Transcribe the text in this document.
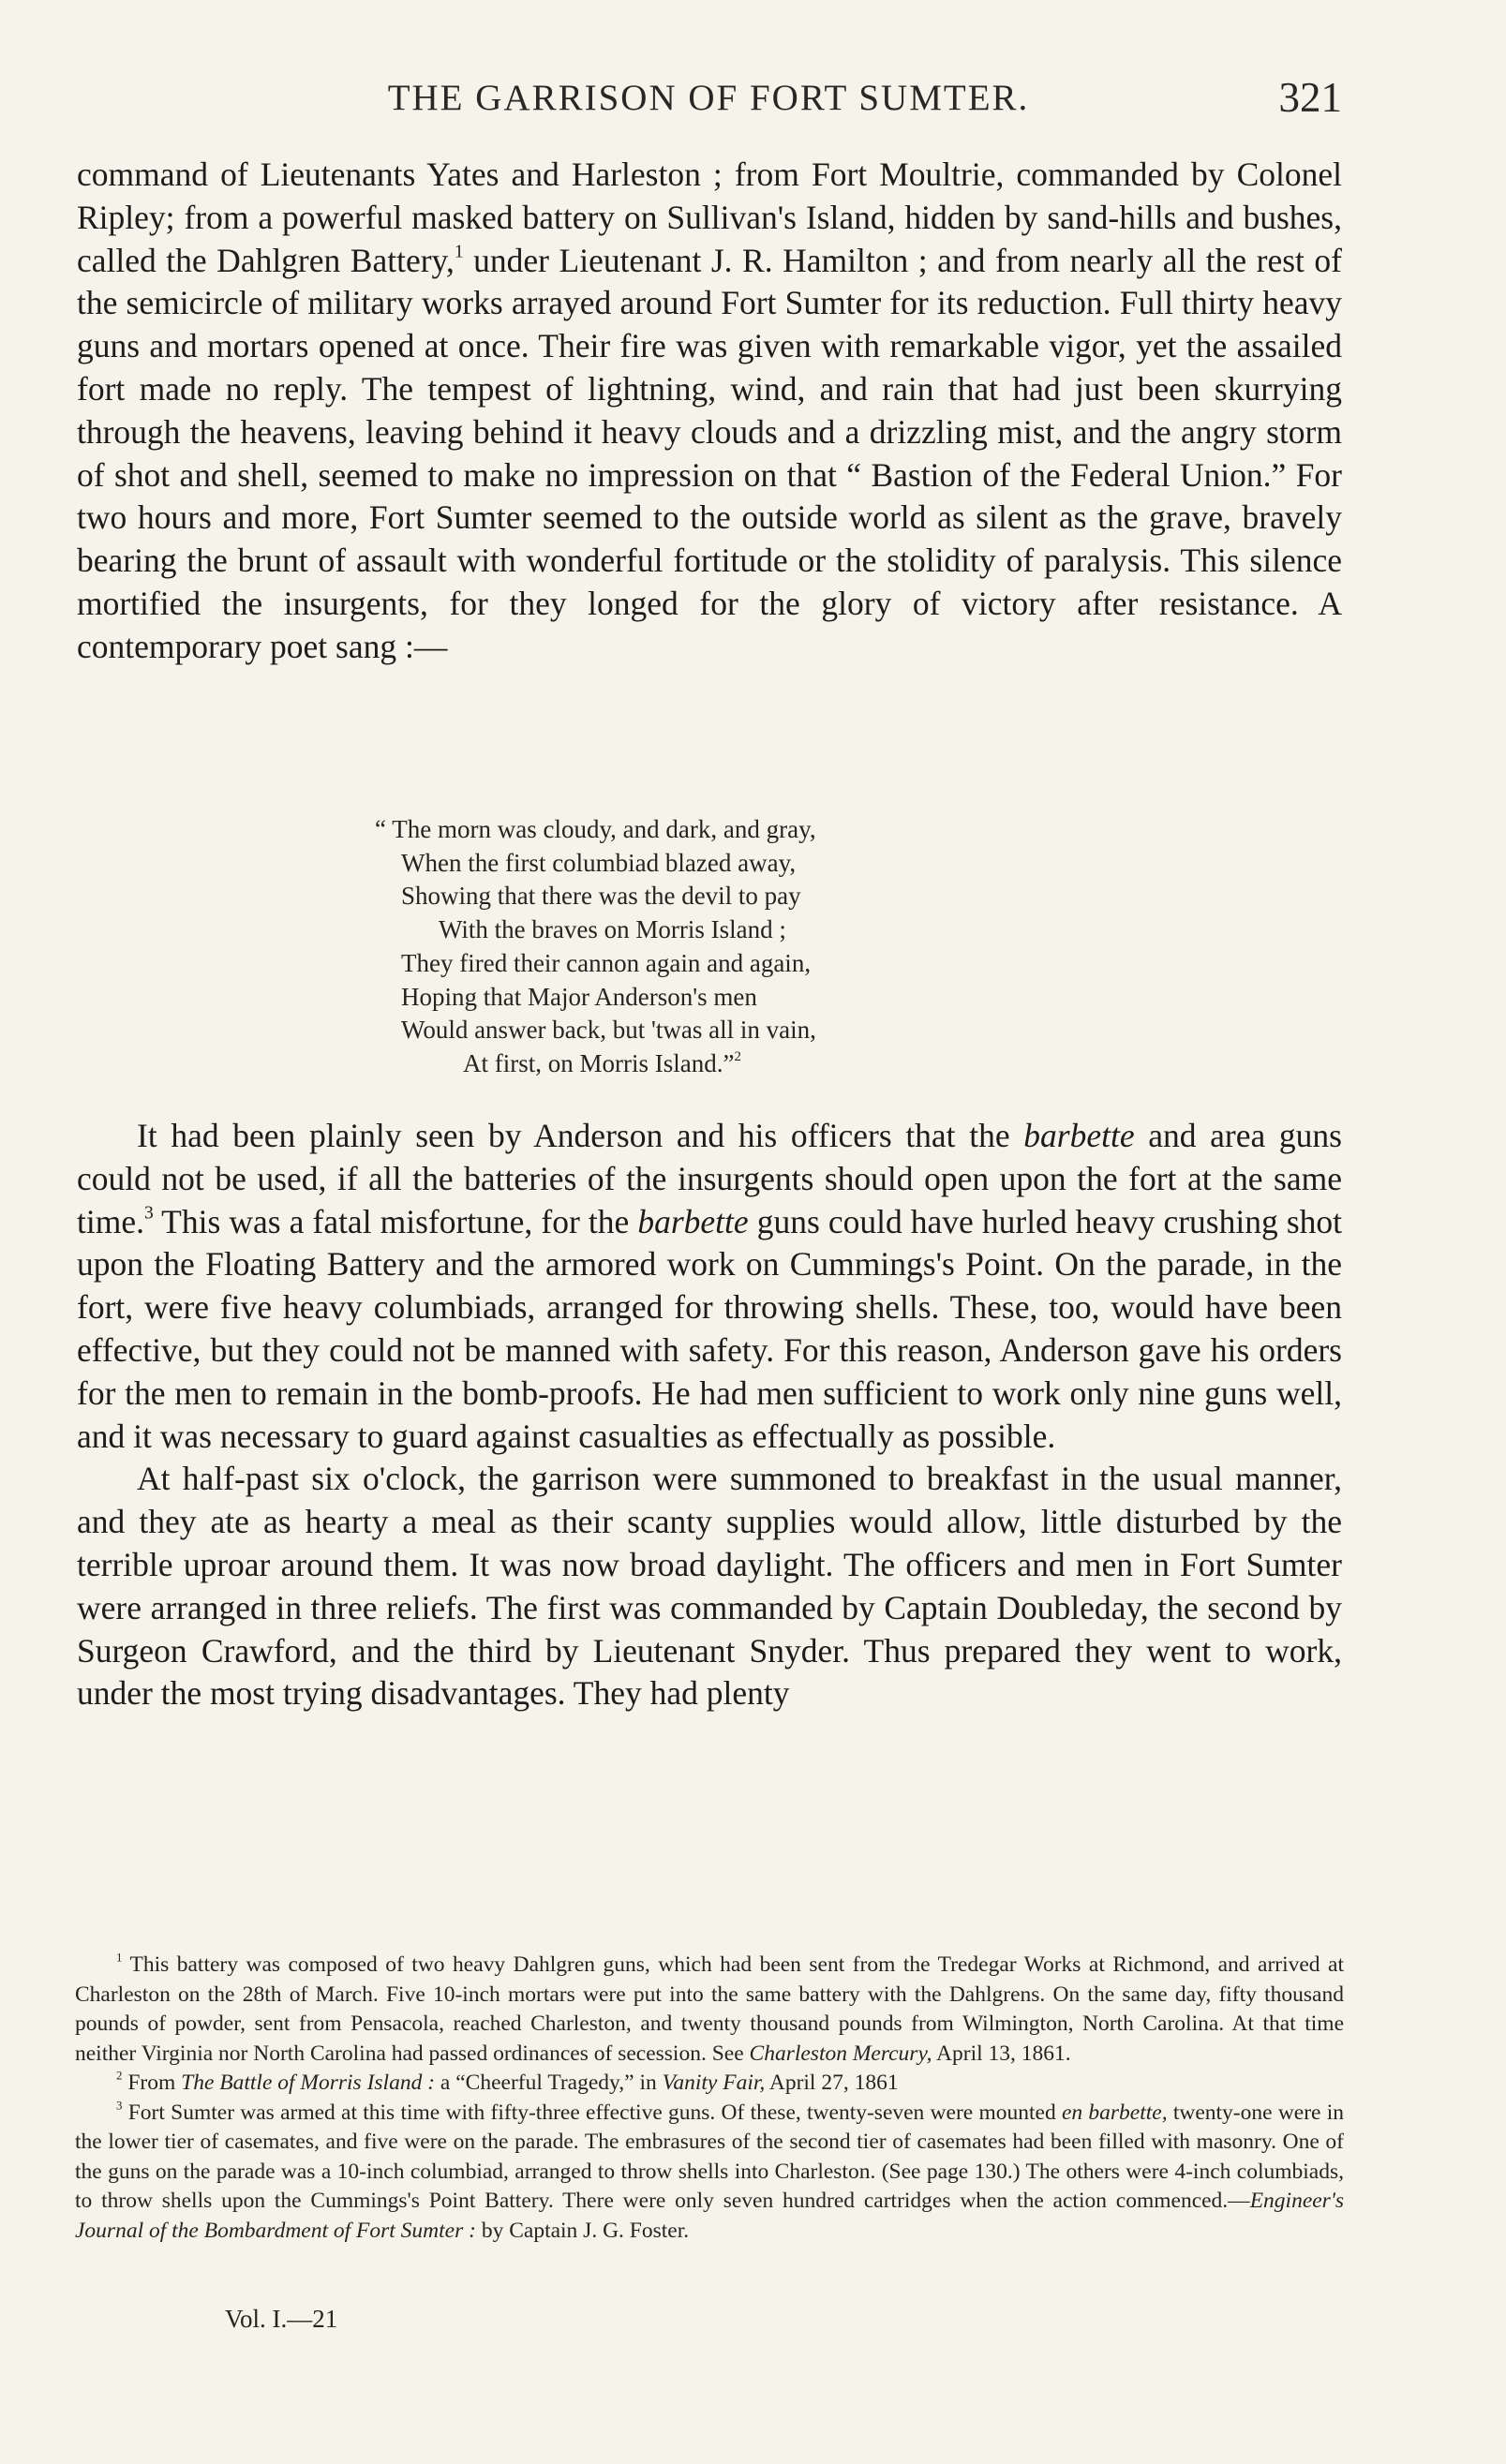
THE GARRISON OF FORT SUMTER.	321

command of Lieutenants Yates and Harleston ; from Fort Moultrie, commanded by Colonel Ripley; from a powerful masked battery on Sullivan's Island, hidden by sand-hills and bushes, called the Dahlgren Battery,$^1$ under Lieutenant J. R. Hamilton ; and from nearly all the rest of the semicircle of military works arrayed around Fort Sumter for its reduction. Full thirty heavy guns and mortars opened at once. Their fire was given with remarkable vigor, yet the assailed fort made no reply. The tempest of lightning, wind, and rain that had just been skurrying through the heavens, leaving behind it heavy clouds and a drizzling mist, and the angry storm of shot and shell, seemed to make no impression on that “ Bastion of the Federal Union.” For two hours and more, Fort Sumter seemed to the outside world as silent as the grave, bravely bearing the brunt of assault with wonderful fortitude or the stolidity of paralysis. This silence mortified the insurgents, for they longed for the glory of victory after resistance. A contemporary poet sang :—

“ The morn was cloudy, and dark, and gray,
When the first columbiad blazed away,
Showing that there was the devil to pay
With the braves on Morris Island ;
They fired their cannon again and again,
Hoping that Major Anderson's men
Would answer back, but 'twas all in vain,
At first, on Morris Island.”$^2$

It had been plainly seen by Anderson and his officers that the barbette and area guns could not be used, if all the batteries of the insurgents should open upon the fort at the same time.$^3$ This was a fatal misfortune, for the barbette guns could have hurled heavy crushing shot upon the Floating Battery and the armored work on Cummings's Point. On the parade, in the fort, were five heavy columbiads, arranged for throwing shells. These, too, would have been effective, but they could not be manned with safety. For this reason, Anderson gave his orders for the men to remain in the bomb-proofs. He had men sufficient to work only nine guns well, and it was necessary to guard against casualties as effectually as possible.

At half-past six o'clock, the garrison were summoned to breakfast in the usual manner, and they ate as hearty a meal as their scanty supplies would allow, little disturbed by the terrible uproar around them. It was now broad daylight. The officers and men in Fort Sumter were arranged in three reliefs. The first was commanded by Captain Doubleday, the second by Surgeon Crawford, and the third by Lieutenant Snyder. Thus prepared they went to work, under the most trying disadvantages. They had plenty

$^1$ This battery was composed of two heavy Dahlgren guns, which had been sent from the Tredegar Works at Richmond, and arrived at Charleston on the 28th of March. Five 10-inch mortars were put into the same battery with the Dahlgrens. On the same day, fifty thousand pounds of powder, sent from Pensacola, reached Charleston, and twenty thousand pounds from Wilmington, North Carolina. At that time neither Virginia nor North Carolina had passed ordinances of secession. See Charleston Mercury, April 13, 1861.

$^2$ From The Battle of Morris Island : a “Cheerful Tragedy,” in Vanity Fair, April 27, 1861

$^3$ Fort Sumter was armed at this time with fifty-three effective guns. Of these, twenty-seven were mounted en barbette, twenty-one were in the lower tier of casemates, and five were on the parade. The embrasures of the second tier of casemates had been filled with masonry. One of the guns on the parade was a 10-inch columbiad, arranged to throw shells into Charleston. (See page 130.) The others were 4-inch columbiads, to throw shells upon the Cummings's Point Battery. There were only seven hundred cartridges when the action commenced.—Engineer's Journal of the Bombardment of Fort Sumter : by Captain J. G. Foster.

Vol. I.—21
